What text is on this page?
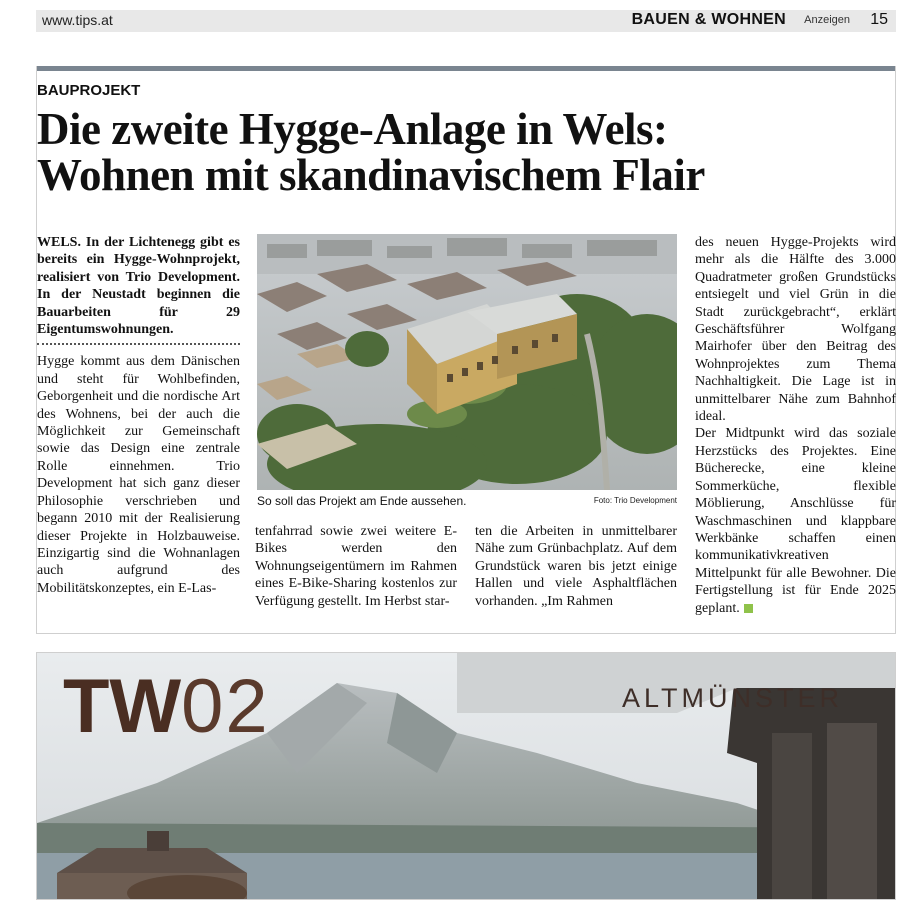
www.tips.at	BAUEN & WOHNEN Anzeigen 15
BAUPROJEKT
Die zweite Hygge-Anlage in Wels:
Wohnen mit skandinavischem Flair

WELS. In der Lichtenegg gibt es bereits ein Hygge-Wohnprojekt, realisiert von Trio Development. In der Neustadt beginnen die Bauarbeiten für 29 Eigentumswohnungen.

Hygge kommt aus dem Dänischen und steht für Wohlbefinden, Geborgenheit und die nordische Art des Wohnens, bei der auch die Möglichkeit zur Gemeinschaft sowie das Design eine zentrale Rolle einnehmen. Trio Development hat sich ganz dieser Philosophie verschrieben und begann 2010 mit der Realisierung dieser Projekte in Holzbauweise. Einzigartig sind die Wohnanlagen auch aufgrund des Mobilitätskonzeptes, ein E-Las-

So soll das Projekt am Ende aussehen.	Foto: Trio Development

tenfahrrad sowie zwei weitere E-Bikes werden den Wohnungseigentümern im Rahmen eines E-Bike-Sharing kostenlos zur Verfügung gestellt. Im Herbst star-

ten die Arbeiten in unmittelbarer Nähe zum Grünbachplatz. Auf dem Grundstück waren bis jetzt einige Hallen und viele Asphaltflächen vorhanden. „Im Rahmen

des neuen Hygge-Projekts wird mehr als die Hälfte des 3.000 Quadratmeter großen Grundstücks entsiegelt und viel Grün in die Stadt zurückgebracht“, erklärt Geschäftsführer Wolfgang Mairhofer über den Beitrag des Wohnprojektes zum Thema Nachhaltigkeit. Die Lage ist in unmittelbarer Nähe zum Bahnhof ideal.

Der Midtpunkt wird das soziale Herzstücks des Projektes. Eine Bücherecke, eine kleine Sommerküche, flexible Möblierung, Anschlüsse für Waschmaschinen und klappbare Werkbänke schaffen einen kommunikativkreativen Mittelpunkt für alle Bewohner. Die Fertigstellung ist für Ende 2025 geplant.

TW02	ALTMÜNSTER
